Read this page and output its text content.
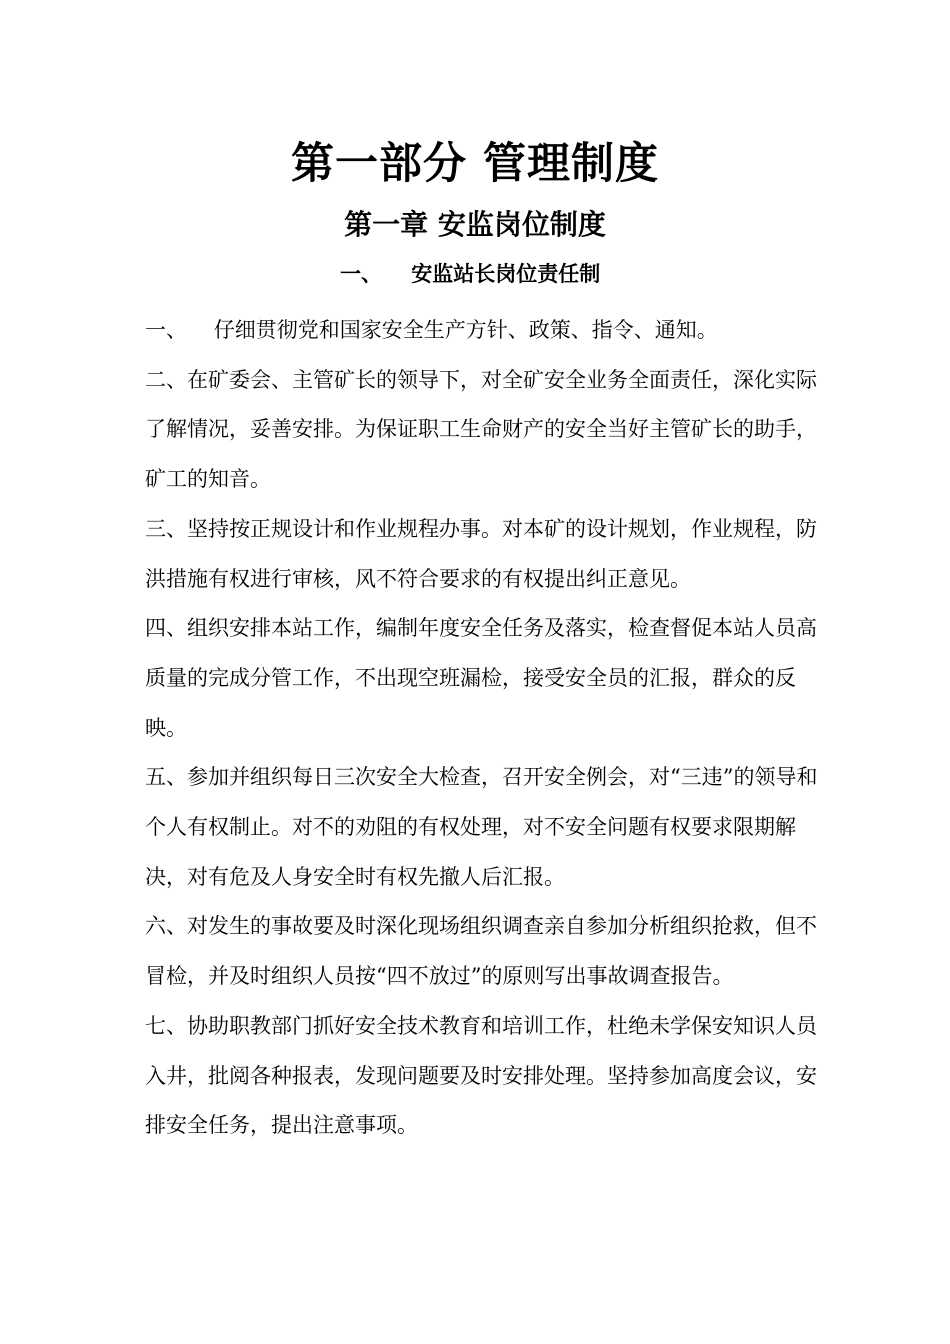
第一部分 管理制度
第一章 安监岗位制度
一、    安监站长岗位责任制

一、    仔细贯彻党和国家安全生产方针、政策、指令、通知。

二、在矿委会、主管矿长的领导下，对全矿安全业务全面责任，深化实际了解情况，妥善安排。为保证职工生命财产的安全当好主管矿长的助手，矿工的知音。

三、坚持按正规设计和作业规程办事。对本矿的设计规划，作业规程，防洪措施有权进行审核，风不符合要求的有权提出纠正意见。

四、组织安排本站工作，编制年度安全任务及落实，检查督促本站人员高质量的完成分管工作，不出现空班漏检，接受安全员的汇报，群众的反映。

五、参加并组织每日三次安全大检查，召开安全例会，对“三违”的领导和个人有权制止。对不的劝阻的有权处理，对不安全问题有权要求限期解决，对有危及人身安全时有权先撤人后汇报。

六、对发生的事故要及时深化现场组织调查亲自参加分析组织抢救，但不冒检，并及时组织人员按“四不放过”的原则写出事故调查报告。

七、协助职教部门抓好安全技术教育和培训工作，杜绝未学保安知识人员入井，批阅各种报表，发现问题要及时安排处理。坚持参加高度会议，安排安全任务，提出注意事项。
